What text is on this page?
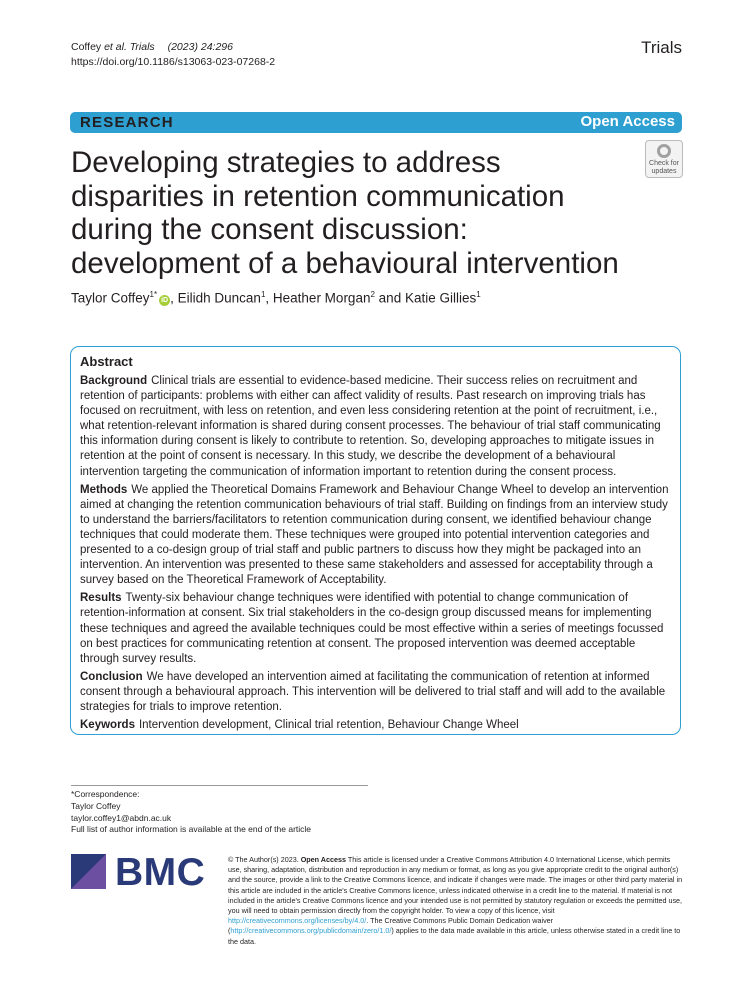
Coffey et al. Trials (2023) 24:296
https://doi.org/10.1186/s13063-023-07268-2
Trials
RESEARCH	Open Access
Developing strategies to address disparities in retention communication during the consent discussion: development of a behavioural intervention
Check for updates
Taylor Coffey$^{1*}$iD , Eilidh Duncan$^1$, Heather Morgan$^2$ and Katie Gillies$^1$
Abstract

Background Clinical trials are essential to evidence-based medicine. Their success relies on recruitment and retention of participants: problems with either can affect validity of results. Past research on improving trials has focused on recruitment, with less on retention, and even less considering retention at the point of recruitment, i.e., what retention-relevant information is shared during consent processes. The behaviour of trial staff communicating this information during consent is likely to contribute to retention. So, developing approaches to mitigate issues in retention at the point of consent is necessary. In this study, we describe the development of a behavioural intervention targeting the communication of information important to retention during the consent process.

Methods We applied the Theoretical Domains Framework and Behaviour Change Wheel to develop an intervention aimed at changing the retention communication behaviours of trial staff. Building on findings from an interview study to understand the barriers/facilitators to retention communication during consent, we identified behaviour change techniques that could moderate them. These techniques were grouped into potential intervention categories and presented to a co-design group of trial staff and public partners to discuss how they might be packaged into an intervention. An intervention was presented to these same stakeholders and assessed for acceptability through a survey based on the Theoretical Framework of Acceptability.

Results Twenty-six behaviour change techniques were identified with potential to change communication of retention-information at consent. Six trial stakeholders in the co-design group discussed means for implementing these techniques and agreed the available techniques could be most effective within a series of meetings focussed on best practices for communicating retention at consent. The proposed intervention was deemed acceptable through survey results.

Conclusion We have developed an intervention aimed at facilitating the communication of retention at informed consent through a behavioural approach. This intervention will be delivered to trial staff and will add to the available strategies for trials to improve retention.

Keywords Intervention development, Clinical trial retention, Behaviour Change Wheel

*Correspondence:
Taylor Coffey
taylor.coffey1@abdn.ac.uk
Full list of author information is available at the end of the article
BMC	© The Author(s) 2023. Open Access This article is licensed under a Creative Commons Attribution 4.0 International License, which permits use, sharing, adaptation, distribution and reproduction in any medium or format, as long as you give appropriate credit to the original author(s) and the source, provide a link to the Creative Commons licence, and indicate if changes were made. The images or other third party material in this article are included in the article's Creative Commons licence, unless indicated otherwise in a credit line to the material. If material is not included in the article's Creative Commons licence and your intended use is not permitted by statutory regulation or exceeds the permitted use, you will need to obtain permission directly from the copyright holder. To view a copy of this licence, visit http://creativecommons.org/licenses/by/4.0/. The Creative Commons Public Domain Dedication waiver (http://creativecommons.org/publicdomain/zero/1.0/) applies to the data made available in this article, unless otherwise stated in a credit line to the data.
